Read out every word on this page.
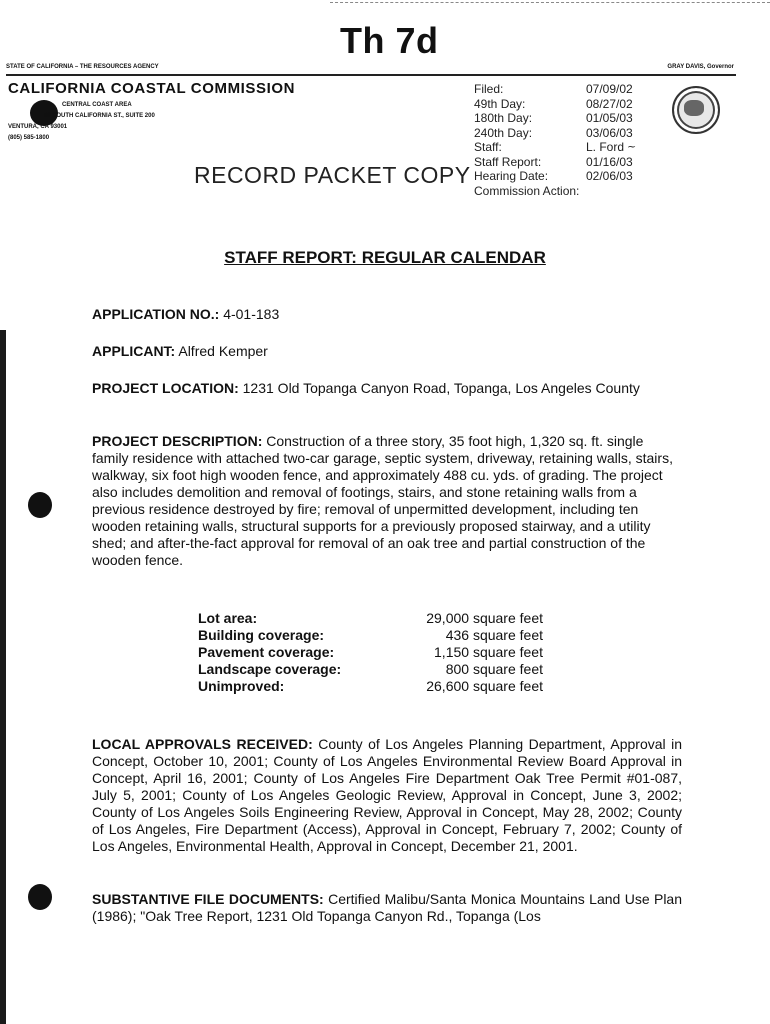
Th 7d
STATE OF CALIFORNIA – THE RESOURCES AGENCY	GRAY DAVIS, Governor
CALIFORNIA COASTAL COMMISSION
CENTRAL COAST AREA
89 SOUTH CALIFORNIA ST., SUITE 200
VENTURA, CA 93001
(805) 585-1800
RECORD PACKET COPY
Filed:	07/09/02
49th Day:	08/27/02
180th Day:	01/05/03
240th Day:	03/06/03
Staff:	L. Ford ~
Staff Report:	01/16/03
Hearing Date:	02/06/03
Commission Action:
STAFF REPORT: REGULAR CALENDAR
APPLICATION NO.: 4-01-183
APPLICANT: Alfred Kemper
PROJECT LOCATION: 1231 Old Topanga Canyon Road, Topanga, Los Angeles County
PROJECT DESCRIPTION: Construction of a three story, 35 foot high, 1,320 sq. ft. single family residence with attached two-car garage, septic system, driveway, retaining walls, stairs, walkway, six foot high wooden fence, and approximately 488 cu. yds. of grading. The project also includes demolition and removal of footings, stairs, and stone retaining walls from a previous residence destroyed by fire; removal of unpermitted development, including ten wooden retaining walls, structural supports for a previously proposed stairway, and a utility shed; and after-the-fact approval for removal of an oak tree and partial construction of the wooden fence.
Lot area:	29,000 square feet
Building coverage:	436 square feet
Pavement coverage:	1,150 square feet
Landscape coverage:	800 square feet
Unimproved:	26,600 square feet
LOCAL APPROVALS RECEIVED: County of Los Angeles Planning Department, Approval in Concept, October 10, 2001; County of Los Angeles Environmental Review Board Approval in Concept, April 16, 2001; County of Los Angeles Fire Department Oak Tree Permit #01-087, July 5, 2001; County of Los Angeles Geologic Review, Approval in Concept, June 3, 2002; County of Los Angeles Soils Engineering Review, Approval in Concept, May 28, 2002; County of Los Angeles, Fire Department (Access), Approval in Concept, February 7, 2002; County of Los Angeles, Environmental Health, Approval in Concept, December 21, 2001.
SUBSTANTIVE FILE DOCUMENTS: Certified Malibu/Santa Monica Mountains Land Use Plan (1986); "Oak Tree Report, 1231 Old Topanga Canyon Rd., Topanga (Los
